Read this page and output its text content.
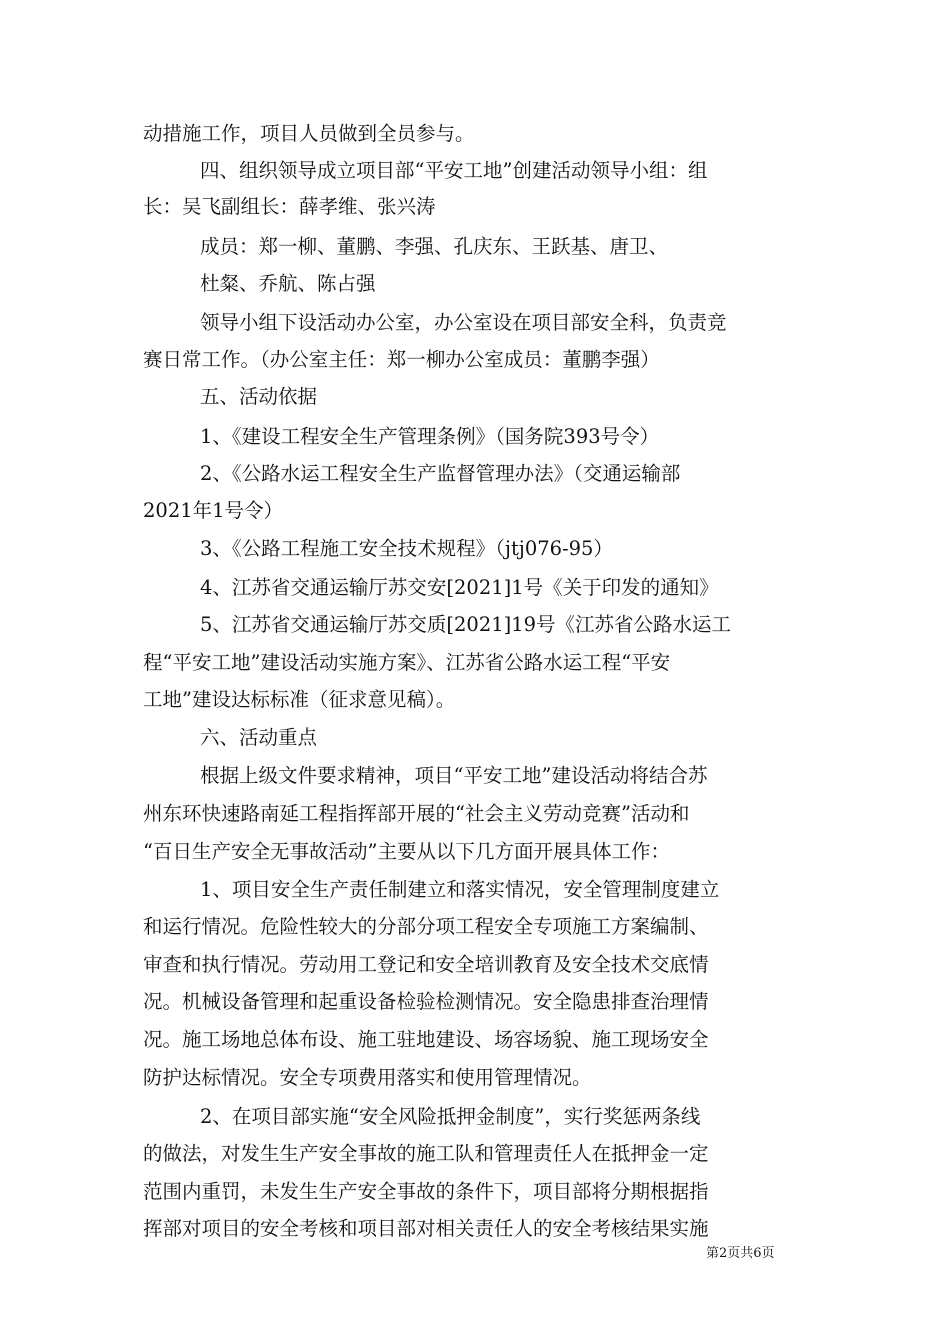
动措施工作，项目人员做到全员参与。
四、组织领导成立项目部“平安工地”创建活动领导小组：组
长：吴飞副组长：薛孝维、张兴涛
成员：郑一柳、董鹏、李强、孔庆东、王跃基、唐卫、
杜粲、乔航、陈占强
领导小组下设活动办公室，办公室设在项目部安全科，负责竞
赛日常工作。（办公室主任：郑一柳办公室成员：董鹏李强）
五、活动依据
1、《建设工程安全生产管理条例》（国务院393号令）
2、《公路水运工程安全生产监督管理办法》（交通运输部
2021年1号令）
3、《公路工程施工安全技术规程》（jtj076-95）
4、江苏省交通运输厅苏交安[2021]1号《关于印发的通知》
5、江苏省交通运输厅苏交质[2021]19号《江苏省公路水运工
程“平安工地”建设活动实施方案》、江苏省公路水运工程“平安
工地”建设达标标准（征求意见稿）。
六、活动重点
根据上级文件要求精神，项目“平安工地”建设活动将结合苏
州东环快速路南延工程指挥部开展的“社会主义劳动竞赛”活动和
“百日生产安全无事故活动”主要从以下几方面开展具体工作：
1、项目安全生产责任制建立和落实情况，安全管理制度建立
和运行情况。危险性较大的分部分项工程安全专项施工方案编制、
审查和执行情况。劳动用工登记和安全培训教育及安全技术交底情
况。机械设备管理和起重设备检验检测情况。安全隐患排查治理情
况。施工场地总体布设、施工驻地建设、场容场貌、施工现场安全
防护达标情况。安全专项费用落实和使用管理情况。
2、在项目部实施“安全风险抵押金制度”，实行奖惩两条线
的做法，对发生生产安全事故的施工队和管理责任人在抵押金一定
范围内重罚，未发生生产安全事故的条件下，项目部将分期根据指
挥部对项目的安全考核和项目部对相关责任人的安全考核结果实施
第2页共6页
